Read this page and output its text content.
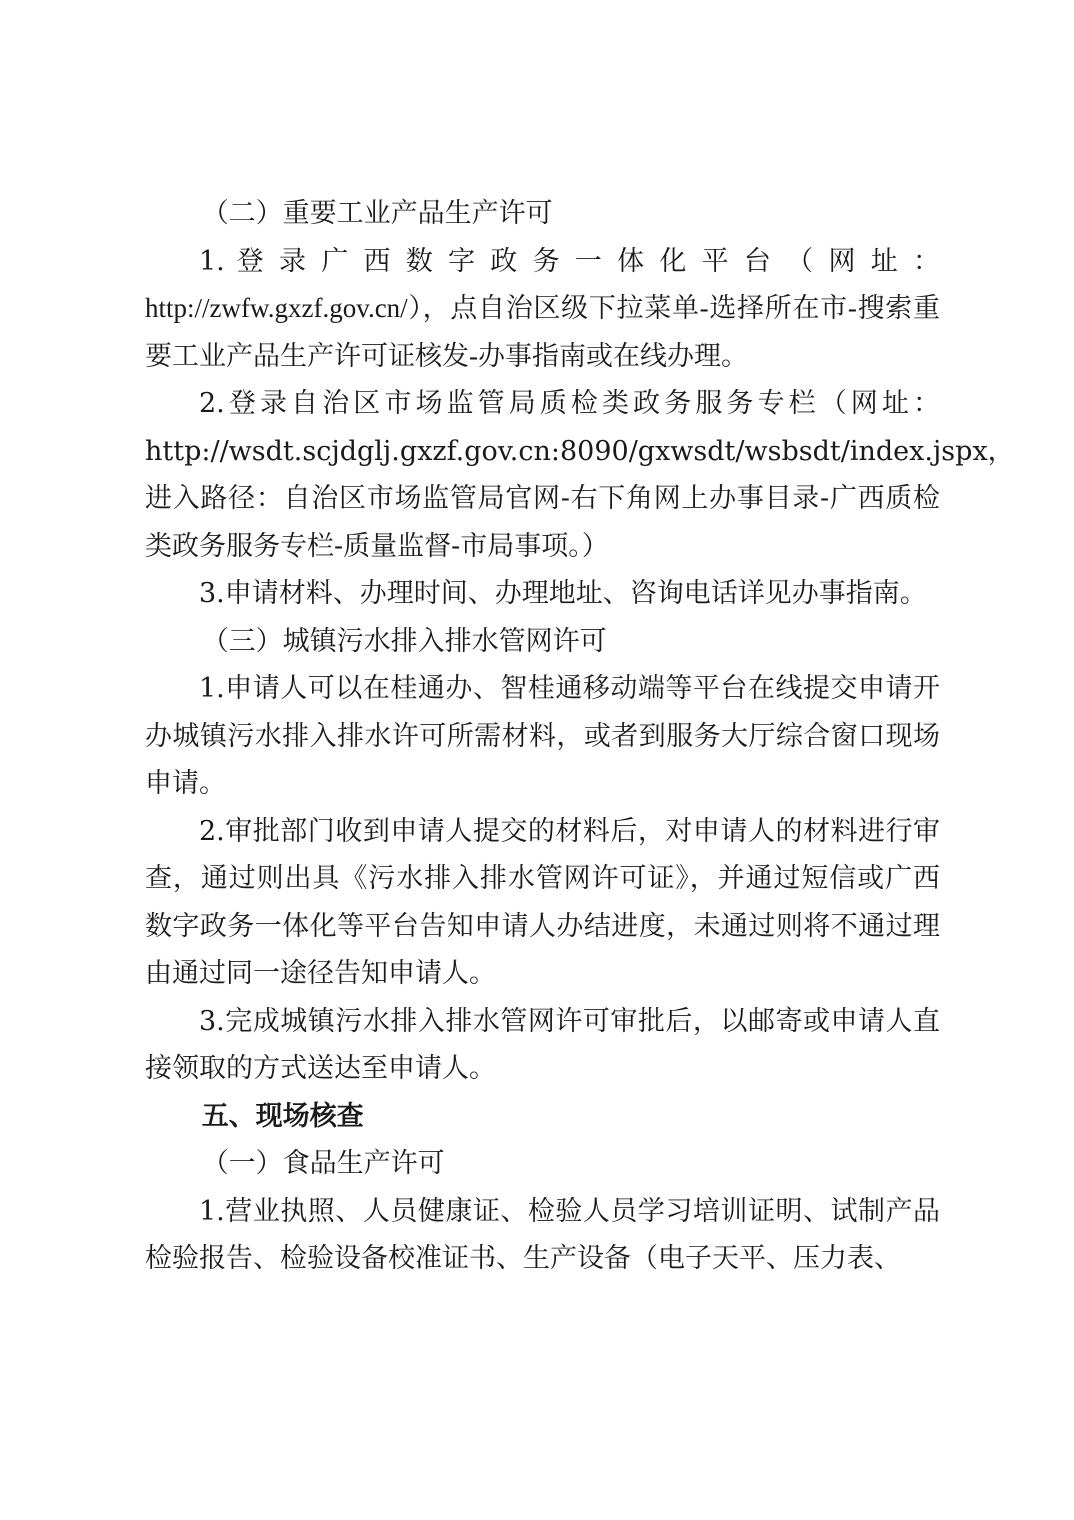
（二）重要工业产品生产许可

1. 登 录 广 西 数 字 政 务 一 体 化 平 台 （ 网 址 ：

http://zwfw.gxzf.gov.cn/），点自治区级下拉菜单-选择所在市-搜索重要工业产品生产许可证核发-办事指南或在线办理。

2.登录自治区市场监管局质检类政务服务专栏（网址：http://wsdt.scjdglj.gxzf.gov.cn:8090/gxwsdt/wsbsdt/index.jspx，进入路径：自治区市场监管局官网-右下角网上办事目录-广西质检类政务服务专栏-质量监督-市局事项。）

3.申请材料、办理时间、办理地址、咨询电话详见办事指南。

（三）城镇污水排入排水管网许可

1.申请人可以在桂通办、智桂通移动端等平台在线提交申请开办城镇污水排入排水许可所需材料，或者到服务大厅综合窗口现场申请。

2.审批部门收到申请人提交的材料后，对申请人的材料进行审查，通过则出具《污水排入排水管网许可证》，并通过短信或广西数字政务一体化等平台告知申请人办结进度，未通过则将不通过理由通过同一途径告知申请人。

3.完成城镇污水排入排水管网许可审批后，以邮寄或申请人直接领取的方式送达至申请人。

五、现场核查

（一）食品生产许可

1.营业执照、人员健康证、检验人员学习培训证明、试制产品检验报告、检验设备校准证书、生产设备（电子天平、压力表、
